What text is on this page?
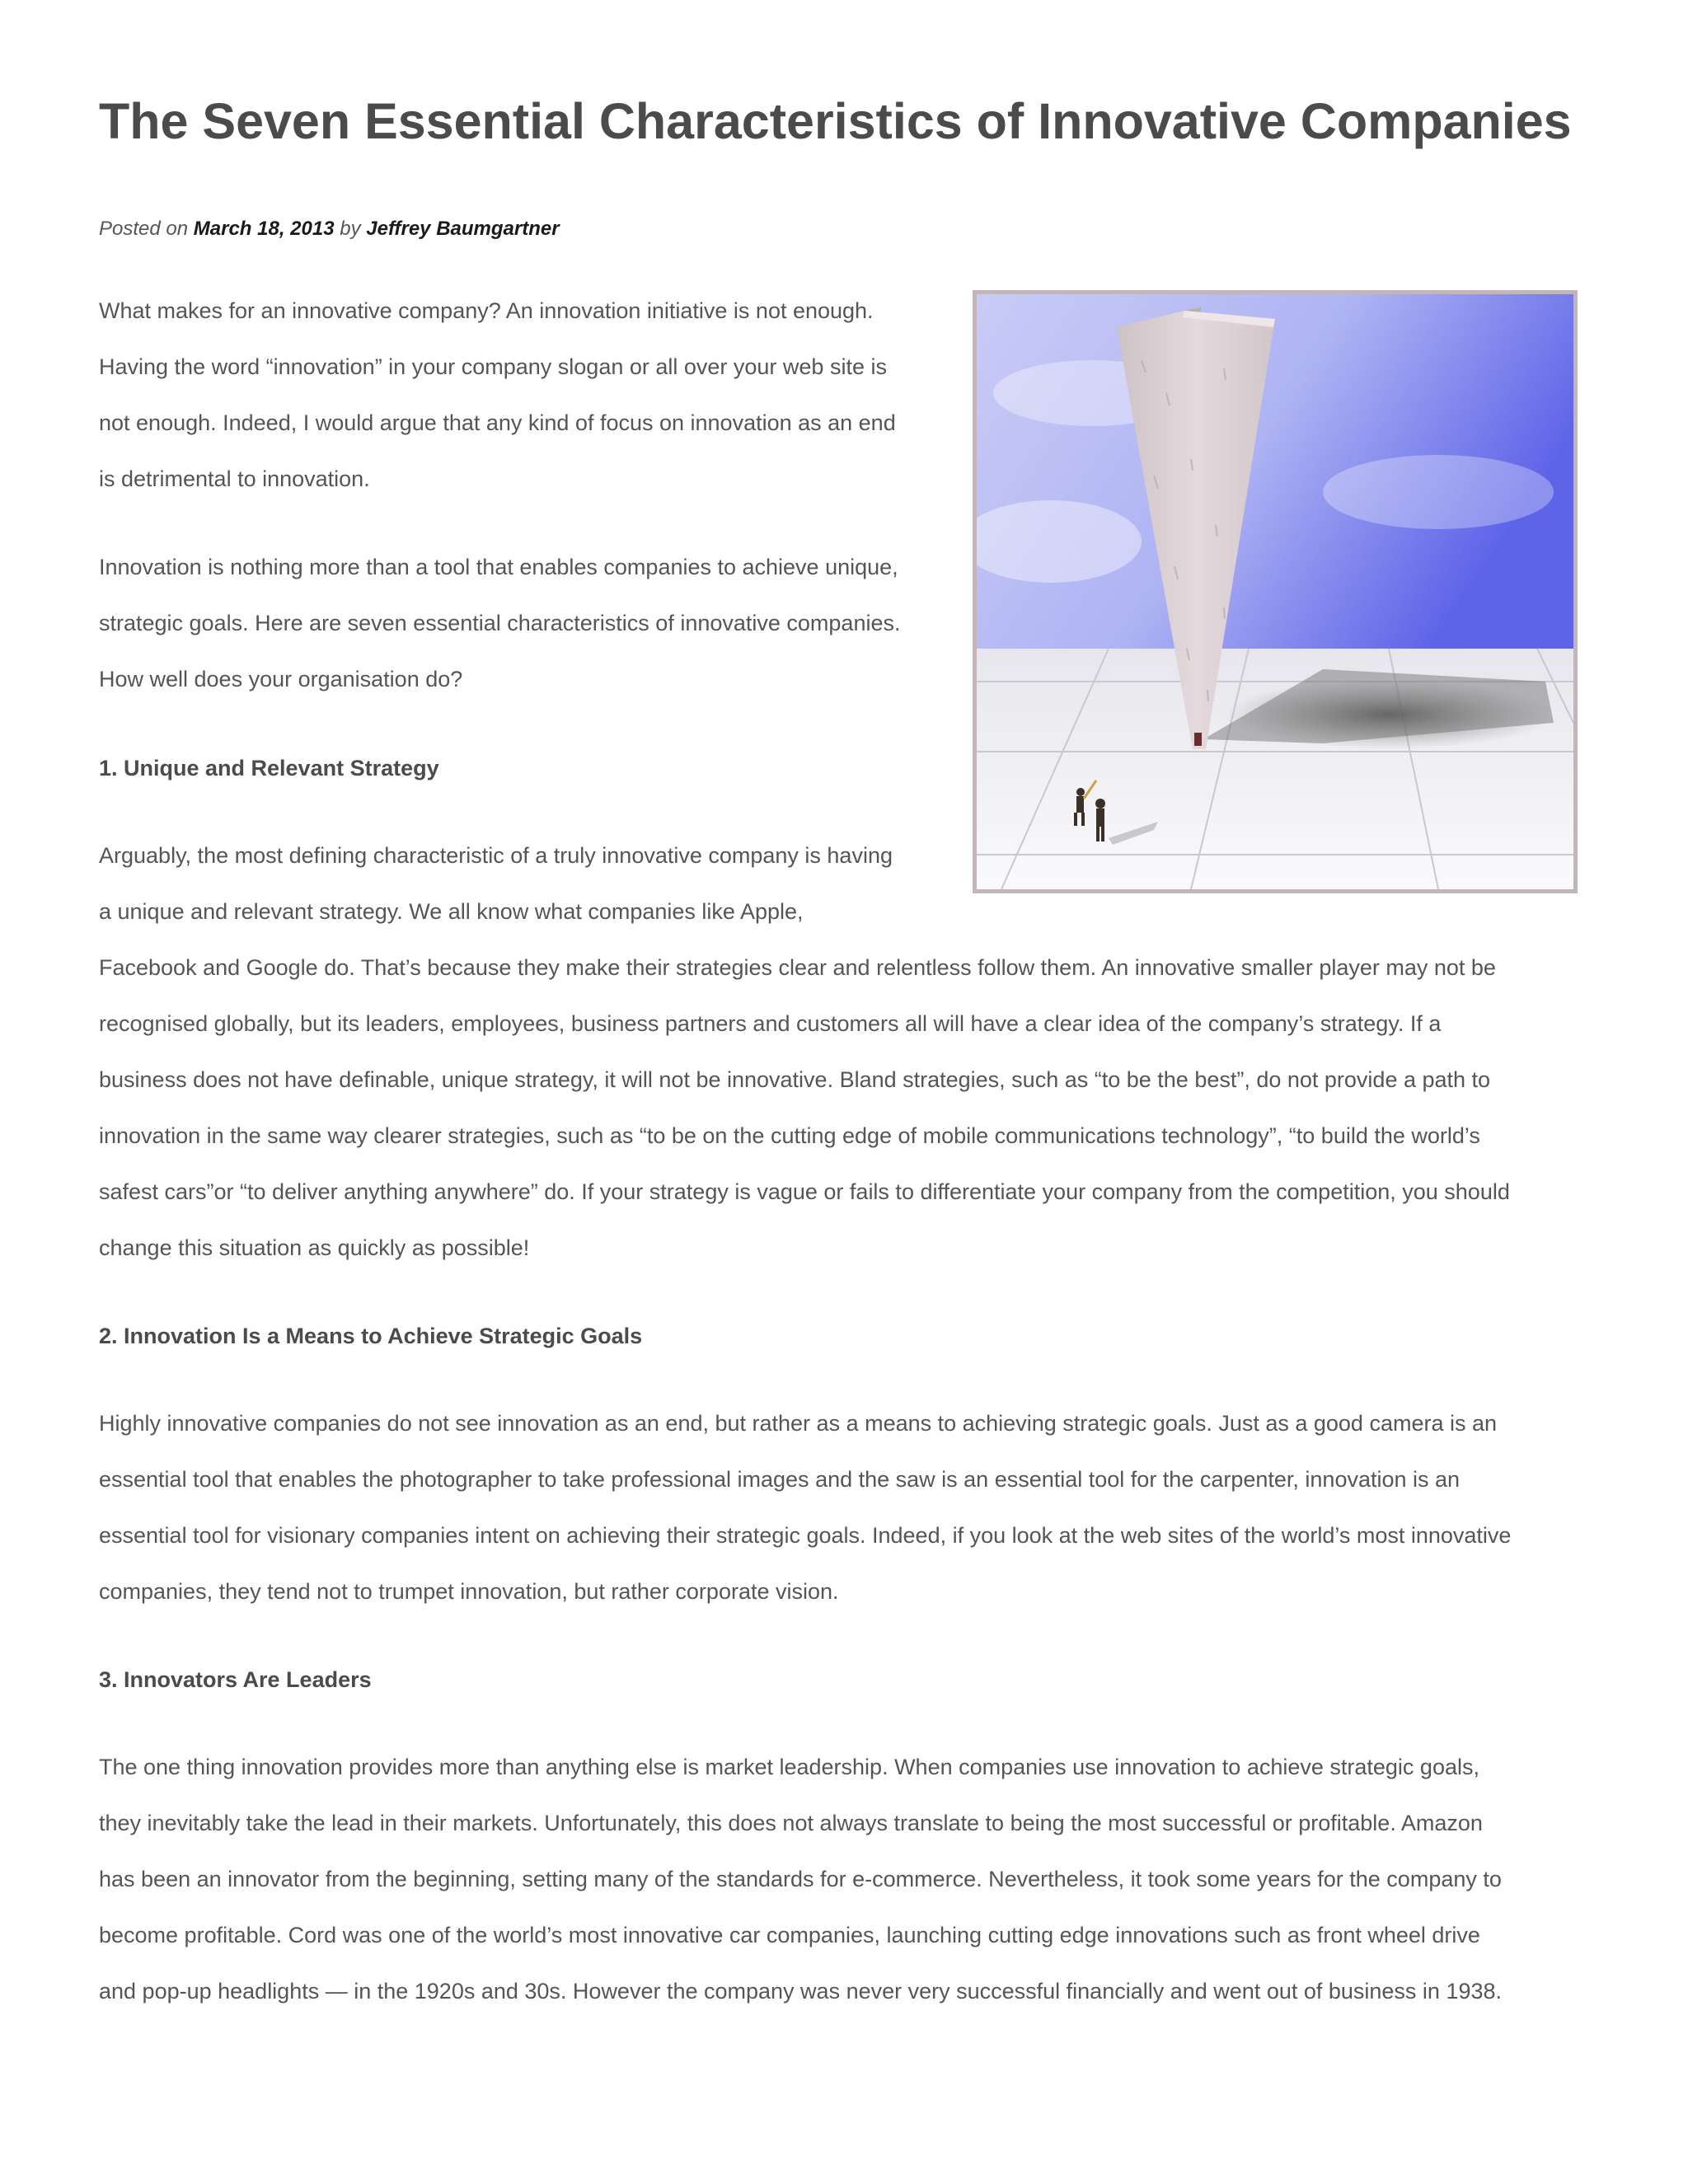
The Seven Essential Characteristics of Innovative Companies
Posted on March 18, 2013 by Jeffrey Baumgartner

What makes for an innovative company? An innovation initiative is not enough.

Having the word “innovation” in your company slogan or all over your web site is

not enough. Indeed, I would argue that any kind of focus on innovation as an end

is detrimental to innovation.

Innovation is nothing more than a tool that enables companies to achieve unique,

strategic goals. Here are seven essential characteristics of innovative companies.

How well does your organisation do?

1. Unique and Relevant Strategy

Arguably, the most defining characteristic of a truly innovative company is having

a unique and relevant strategy. We all know what companies like Apple,

Facebook and Google do. That’s because they make their strategies clear and relentless follow them. An innovative smaller player may not be

recognised globally, but its leaders, employees, business partners and customers all will have a clear idea of the company’s strategy. If a

business does not have definable, unique strategy, it will not be innovative. Bland strategies, such as “to be the best”, do not provide a path to

innovation in the same way clearer strategies, such as “to be on the cutting edge of mobile communications technology”, “to build the world’s

safest cars”or “to deliver anything anywhere” do. If your strategy is vague or fails to differentiate your company from the competition, you should

change this situation as quickly as possible!

2. Innovation Is a Means to Achieve Strategic Goals

Highly innovative companies do not see innovation as an end, but rather as a means to achieving strategic goals. Just as a good camera is an

essential tool that enables the photographer to take professional images and the saw is an essential tool for the carpenter, innovation is an

essential tool for visionary companies intent on achieving their strategic goals. Indeed, if you look at the web sites of the world’s most innovative

companies, they tend not to trumpet innovation, but rather corporate vision.

3. Innovators Are Leaders

The one thing innovation provides more than anything else is market leadership. When companies use innovation to achieve strategic goals,

they inevitably take the lead in their markets. Unfortunately, this does not always translate to being the most successful or profitable. Amazon

has been an innovator from the beginning, setting many of the standards for e-commerce. Nevertheless, it took some years for the company to

become profitable. Cord was one of the world’s most innovative car companies, launching cutting edge innovations such as front wheel drive

and pop-up headlights — in the 1920s and 30s. However the company was never very successful financially and went out of business in 1938.
